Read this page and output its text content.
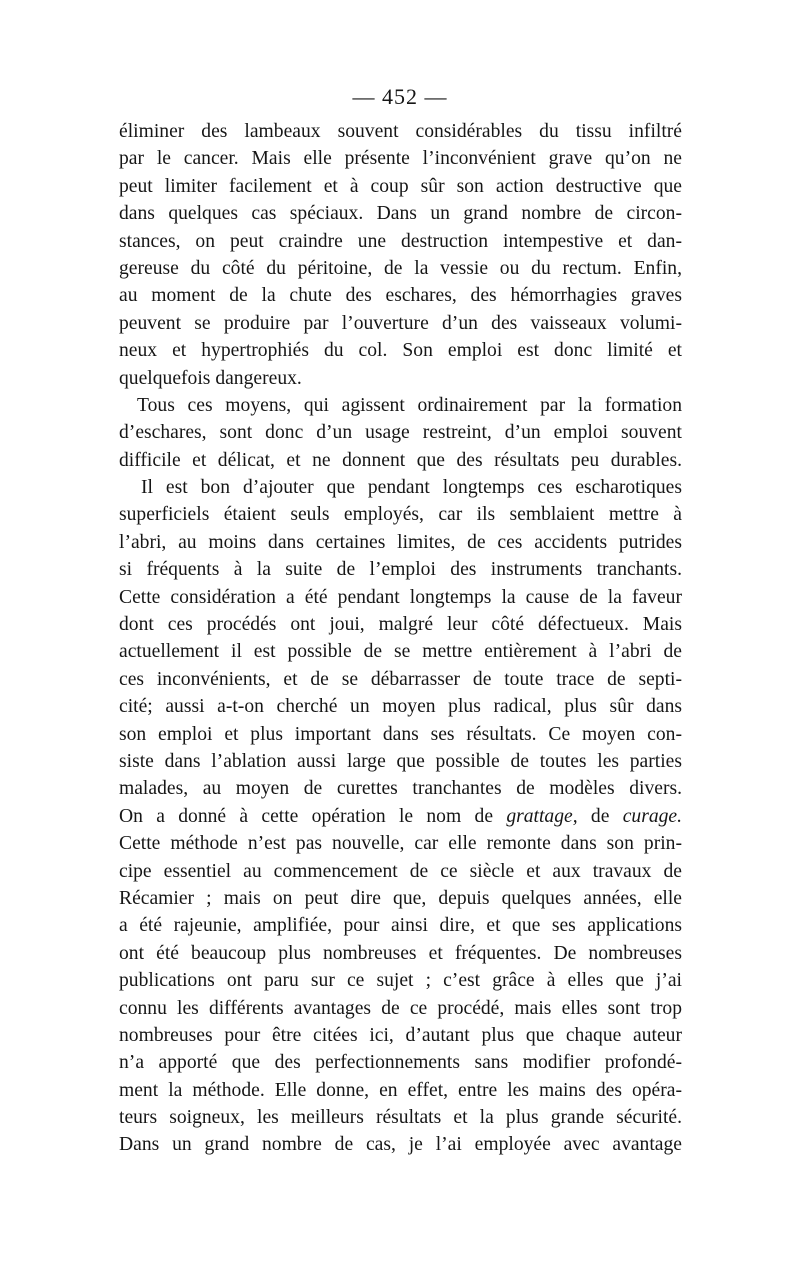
— 452 —
éliminer des lambeaux souvent considérables du tissu infiltré
par le cancer. Mais elle présente l’inconvénient grave qu’on ne
peut limiter facilement et à coup sûr son action destructive que
dans quelques cas spéciaux. Dans un grand nombre de circon-
stances, on peut craindre une destruction intempestive et dan-
gereuse du côté du péritoine, de la vessie ou du rectum. Enfin,
au moment de la chute des eschares, des hémorrhagies graves
peuvent se produire par l’ouverture d’un des vaisseaux volumi-
neux et hypertrophiés du col. Son emploi est donc limité et
quelquefois dangereux.
Tous ces moyens, qui agissent ordinairement par la formation
d’eschares, sont donc d’un usage restreint, d’un emploi souvent
difficile et délicat, et ne donnent que des résultats peu durables.
Il est bon d’ajouter que pendant longtemps ces escharotiques
superficiels étaient seuls employés, car ils semblaient mettre à
l’abri, au moins dans certaines limites, de ces accidents putrides
si fréquents à la suite de l’emploi des instruments tranchants.
Cette considération a été pendant longtemps la cause de la faveur
dont ces procédés ont joui, malgré leur côté défectueux. Mais
actuellement il est possible de se mettre entièrement à l’abri de
ces inconvénients, et de se débarrasser de toute trace de septi-
cité; aussi a-t-on cherché un moyen plus radical, plus sûr dans
son emploi et plus important dans ses résultats. Ce moyen con-
siste dans l’ablation aussi large que possible de toutes les parties
malades, au moyen de curettes tranchantes de modèles divers.
On a donné à cette opération le nom de grattage, de curage.
Cette méthode n’est pas nouvelle, car elle remonte dans son prin-
cipe essentiel au commencement de ce siècle et aux travaux de
Récamier ; mais on peut dire que, depuis quelques années, elle
a été rajeunie, amplifiée, pour ainsi dire, et que ses applications
ont été beaucoup plus nombreuses et fréquentes. De nombreuses
publications ont paru sur ce sujet ; c’est grâce à elles que j’ai
connu les différents avantages de ce procédé, mais elles sont trop
nombreuses pour être citées ici, d’autant plus que chaque auteur
n’a apporté que des perfectionnements sans modifier profondé-
ment la méthode. Elle donne, en effet, entre les mains des opéra-
teurs soigneux, les meilleurs résultats et la plus grande sécurité.
Dans un grand nombre de cas, je l’ai employée avec avantage
